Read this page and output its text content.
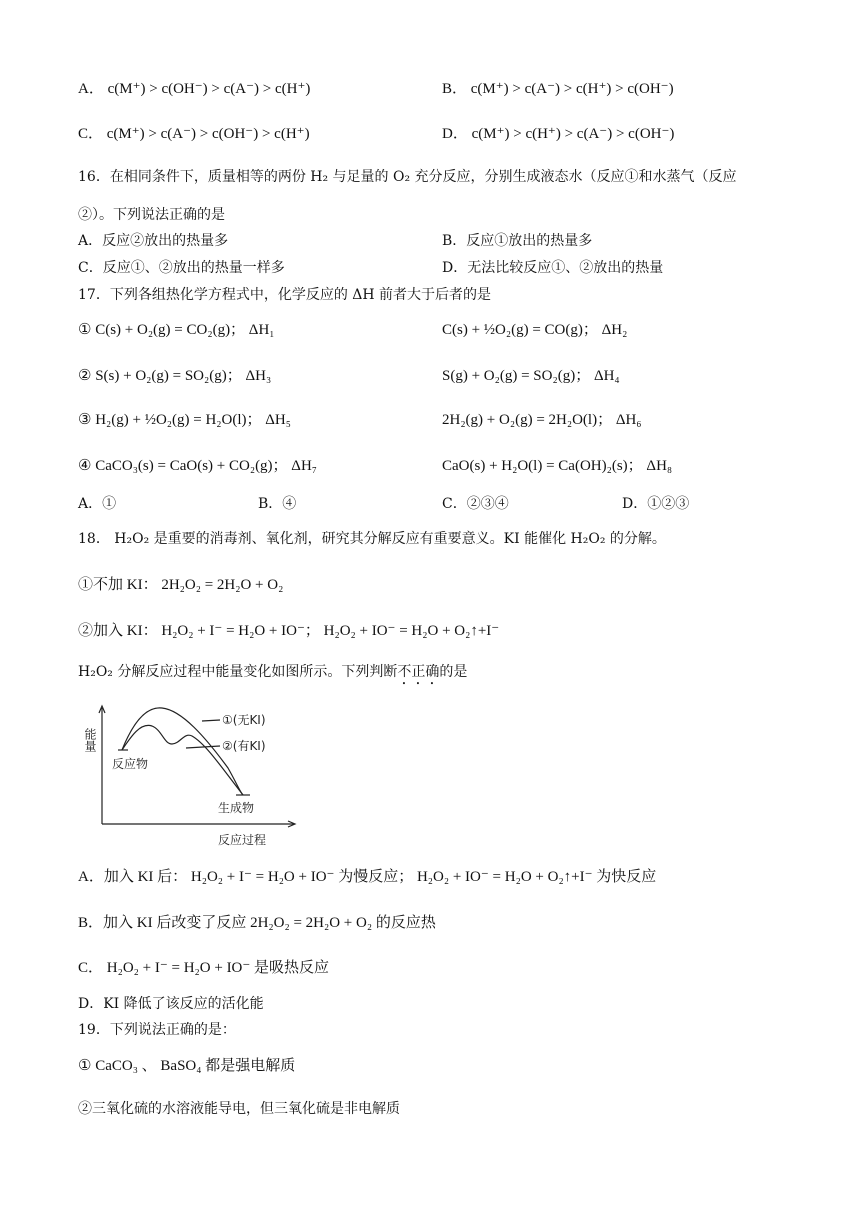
A． c(M⁺) > c(OH⁻) > c(A⁻) > c(H⁺)	B． c(M⁺) > c(A⁻) > c(H⁺) > c(OH⁻)
C． c(M⁺) > c(A⁻) > c(OH⁻) > c(H⁺)	D． c(M⁺) > c(H⁺) > c(A⁻) > c(OH⁻)
16．在相同条件下，质量相等的两份 H₂ 与足量的 O₂ 充分反应，分别生成液态水（反应①和水蒸气（反应
②）。下列说法正确的是
A．反应②放出的热量多	B．反应①放出的热量多
C．反应①、②放出的热量一样多	D．无法比较反应①、②放出的热量
17．下列各组热化学方程式中，化学反应的 ΔH 前者大于后者的是
① C(s) + O₂(g) = CO₂(g)； ΔH₁	C(s) + ½O₂(g) = CO(g)； ΔH₂
② S(s) + O₂(g) = SO₂(g)； ΔH₃	S(g) + O₂(g) = SO₂(g)； ΔH₄
③ H₂(g) + ½O₂(g) = H₂O(l)； ΔH₅	2H₂(g) + O₂(g) = 2H₂O(l)； ΔH₆
④ CaCO₃(s) = CaO(s) + CO₂(g)； ΔH₇	CaO(s) + H₂O(l) = Ca(OH)₂(s)； ΔH₈
A．①	B．④	C．②③④	D．①②③
18． H₂O₂ 是重要的消毒剂、氧化剂，研究其分解反应有重要意义。KI 能催化 H₂O₂ 的分解。
①不加 KI： 2H₂O₂ = 2H₂O + O₂
②加入 KI： H₂O₂ + I⁻ = H₂O + IO⁻； H₂O₂ + IO⁻ = H₂O + O₂↑+I⁻
H₂O₂ 分解反应过程中能量变化如图所示。下列判断不正确的是
能量
①(无KI)
②(有KI)
反应物
生成物
反应过程
A．加入 KI 后： H₂O₂ + I⁻ = H₂O + IO⁻ 为慢反应； H₂O₂ + IO⁻ = H₂O + O₂↑+I⁻ 为快反应
B．加入 KI 后改变了反应 2H₂O₂ = 2H₂O + O₂ 的反应热
C． H₂O₂ + I⁻ = H₂O + IO⁻ 是吸热反应
D．KI 降低了该反应的活化能
19．下列说法正确的是：
① CaCO₃ 、 BaSO₄ 都是强电解质
②三氧化硫的水溶液能导电，但三氧化硫是非电解质
